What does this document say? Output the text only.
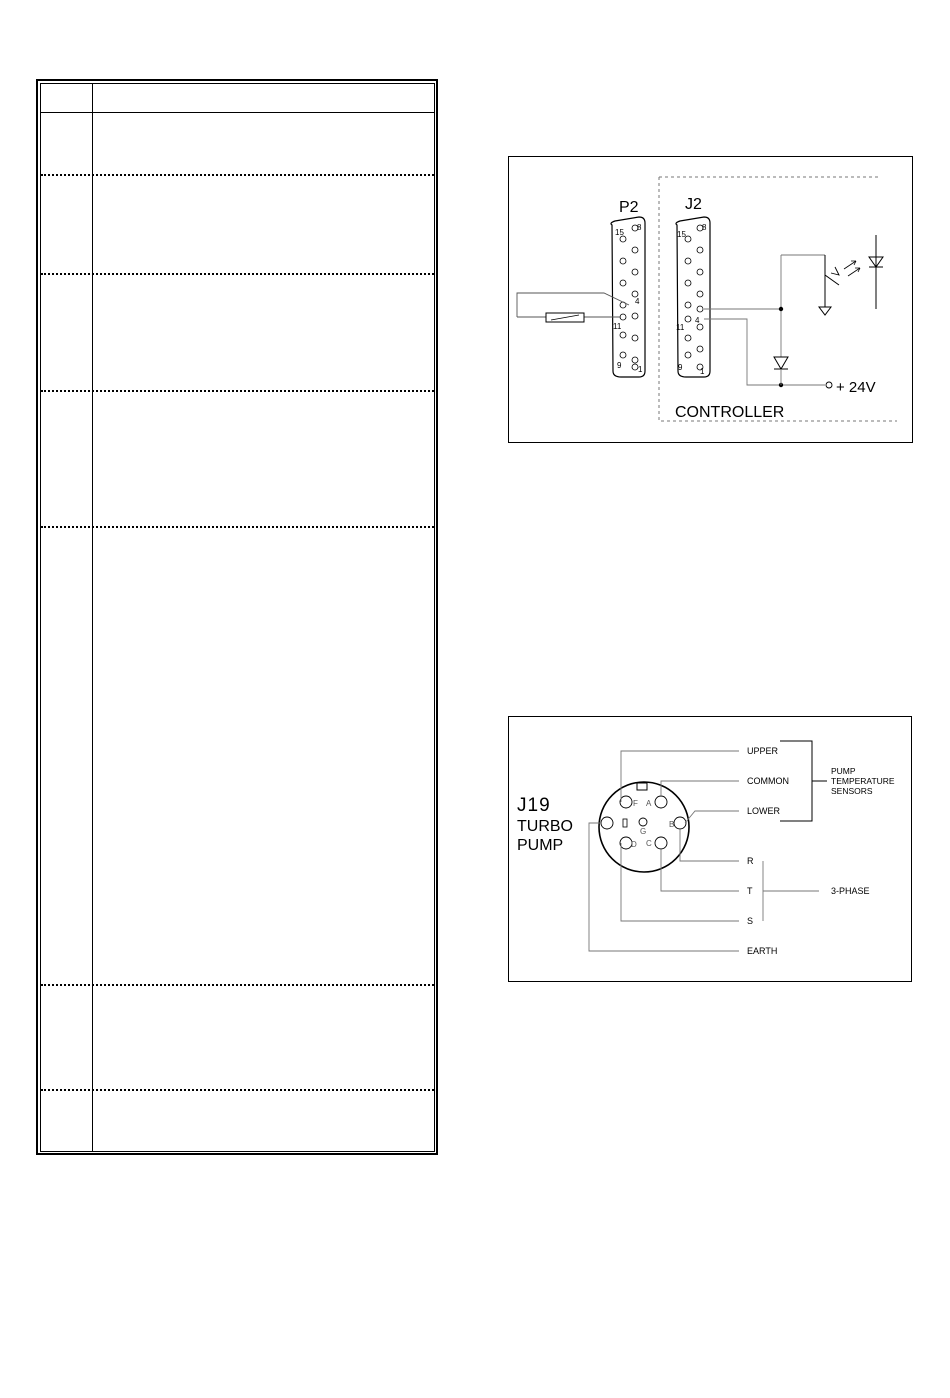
P2	J2
15
8
4
11
9 1
15
8
4
11
9 1
+ 24V
CONTROLLER
J19
TURBO
PUMP
F A
B
C
D
G
UPPER
COMMON
LOWER
PUMP
TEMPERATURE
SENSORS
R
T
S
3-PHASE
EARTH
